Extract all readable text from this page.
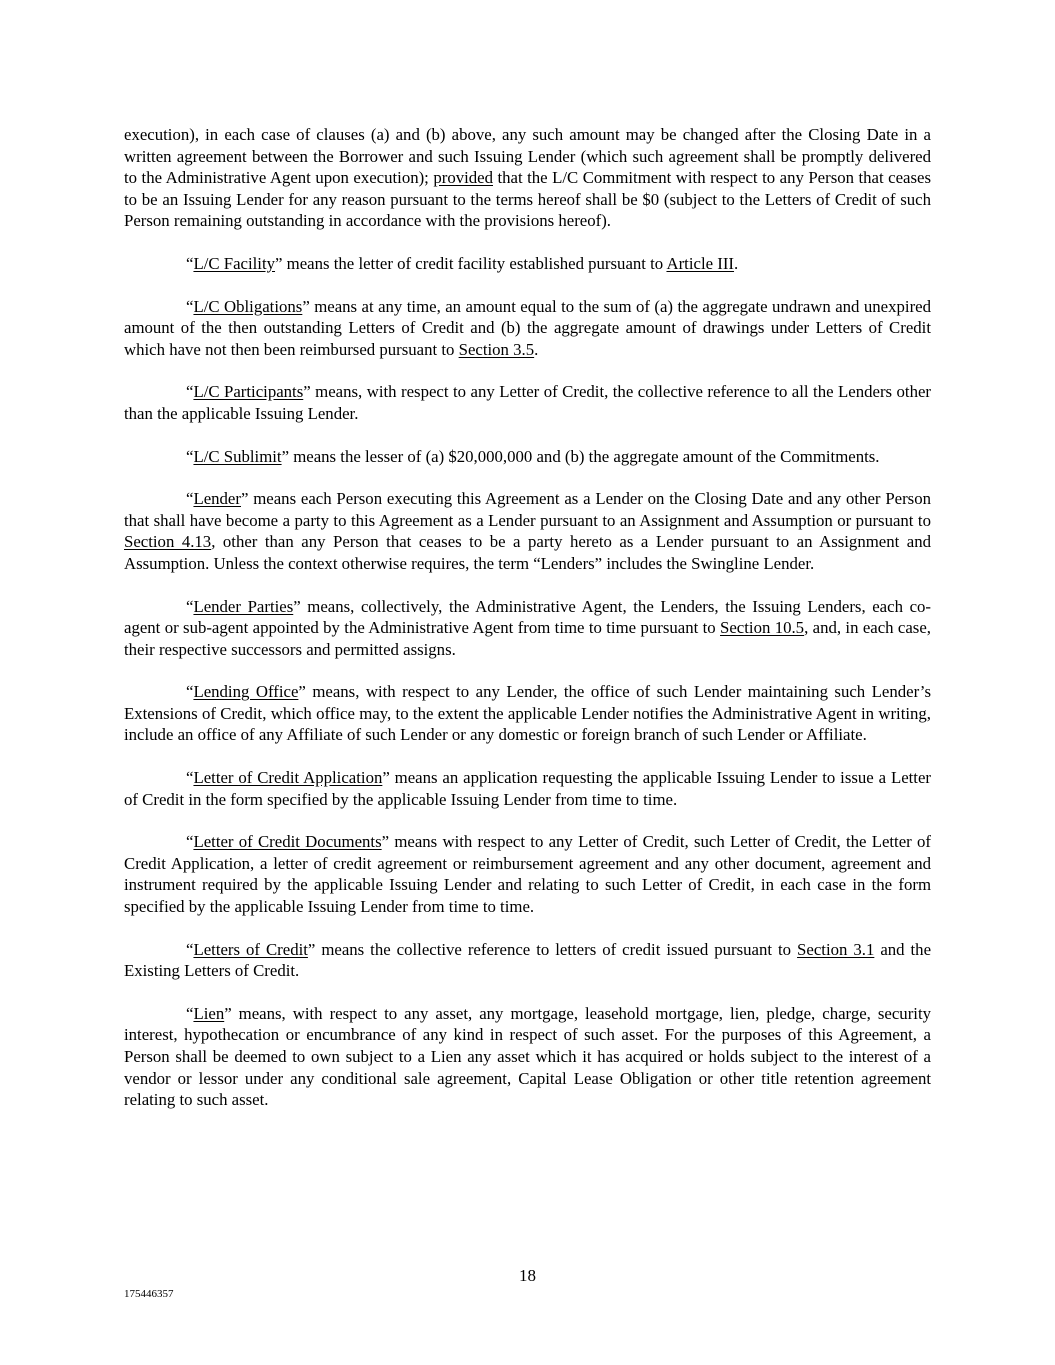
execution), in each case of clauses (a) and (b) above, any such amount may be changed after the Closing Date in a written agreement between the Borrower and such Issuing Lender (which such agreement shall be promptly delivered to the Administrative Agent upon execution); provided that the L/C Commitment with respect to any Person that ceases to be an Issuing Lender for any reason pursuant to the terms hereof shall be $0 (subject to the Letters of Credit of such Person remaining outstanding in accordance with the provisions hereof).

“L/C Facility” means the letter of credit facility established pursuant to Article III.

“L/C Obligations” means at any time, an amount equal to the sum of (a) the aggregate undrawn and unexpired amount of the then outstanding Letters of Credit and (b) the aggregate amount of drawings under Letters of Credit which have not then been reimbursed pursuant to Section 3.5.

“L/C Participants” means, with respect to any Letter of Credit, the collective reference to all the Lenders other than the applicable Issuing Lender.

“L/C Sublimit” means the lesser of (a) $20,000,000 and (b) the aggregate amount of the Commitments.

“Lender” means each Person executing this Agreement as a Lender on the Closing Date and any other Person that shall have become a party to this Agreement as a Lender pursuant to an Assignment and Assumption or pursuant to Section 4.13, other than any Person that ceases to be a party hereto as a Lender pursuant to an Assignment and Assumption. Unless the context otherwise requires, the term “Lenders” includes the Swingline Lender.

“Lender Parties” means, collectively, the Administrative Agent, the Lenders, the Issuing Lenders, each co-agent or sub-agent appointed by the Administrative Agent from time to time pursuant to Section 10.5, and, in each case, their respective successors and permitted assigns.

“Lending Office” means, with respect to any Lender, the office of such Lender maintaining such Lender’s Extensions of Credit, which office may, to the extent the applicable Lender notifies the Administrative Agent in writing, include an office of any Affiliate of such Lender or any domestic or foreign branch of such Lender or Affiliate.

“Letter of Credit Application” means an application requesting the applicable Issuing Lender to issue a Letter of Credit in the form specified by the applicable Issuing Lender from time to time.

“Letter of Credit Documents” means with respect to any Letter of Credit, such Letter of Credit, the Letter of Credit Application, a letter of credit agreement or reimbursement agreement and any other document, agreement and instrument required by the applicable Issuing Lender and relating to such Letter of Credit, in each case in the form specified by the applicable Issuing Lender from time to time.

“Letters of Credit” means the collective reference to letters of credit issued pursuant to Section 3.1 and the Existing Letters of Credit.

“Lien” means, with respect to any asset, any mortgage, leasehold mortgage, lien, pledge, charge, security interest, hypothecation or encumbrance of any kind in respect of such asset. For the purposes of this Agreement, a Person shall be deemed to own subject to a Lien any asset which it has acquired or holds subject to the interest of a vendor or lessor under any conditional sale agreement, Capital Lease Obligation or other title retention agreement relating to such asset.

18
175446357
